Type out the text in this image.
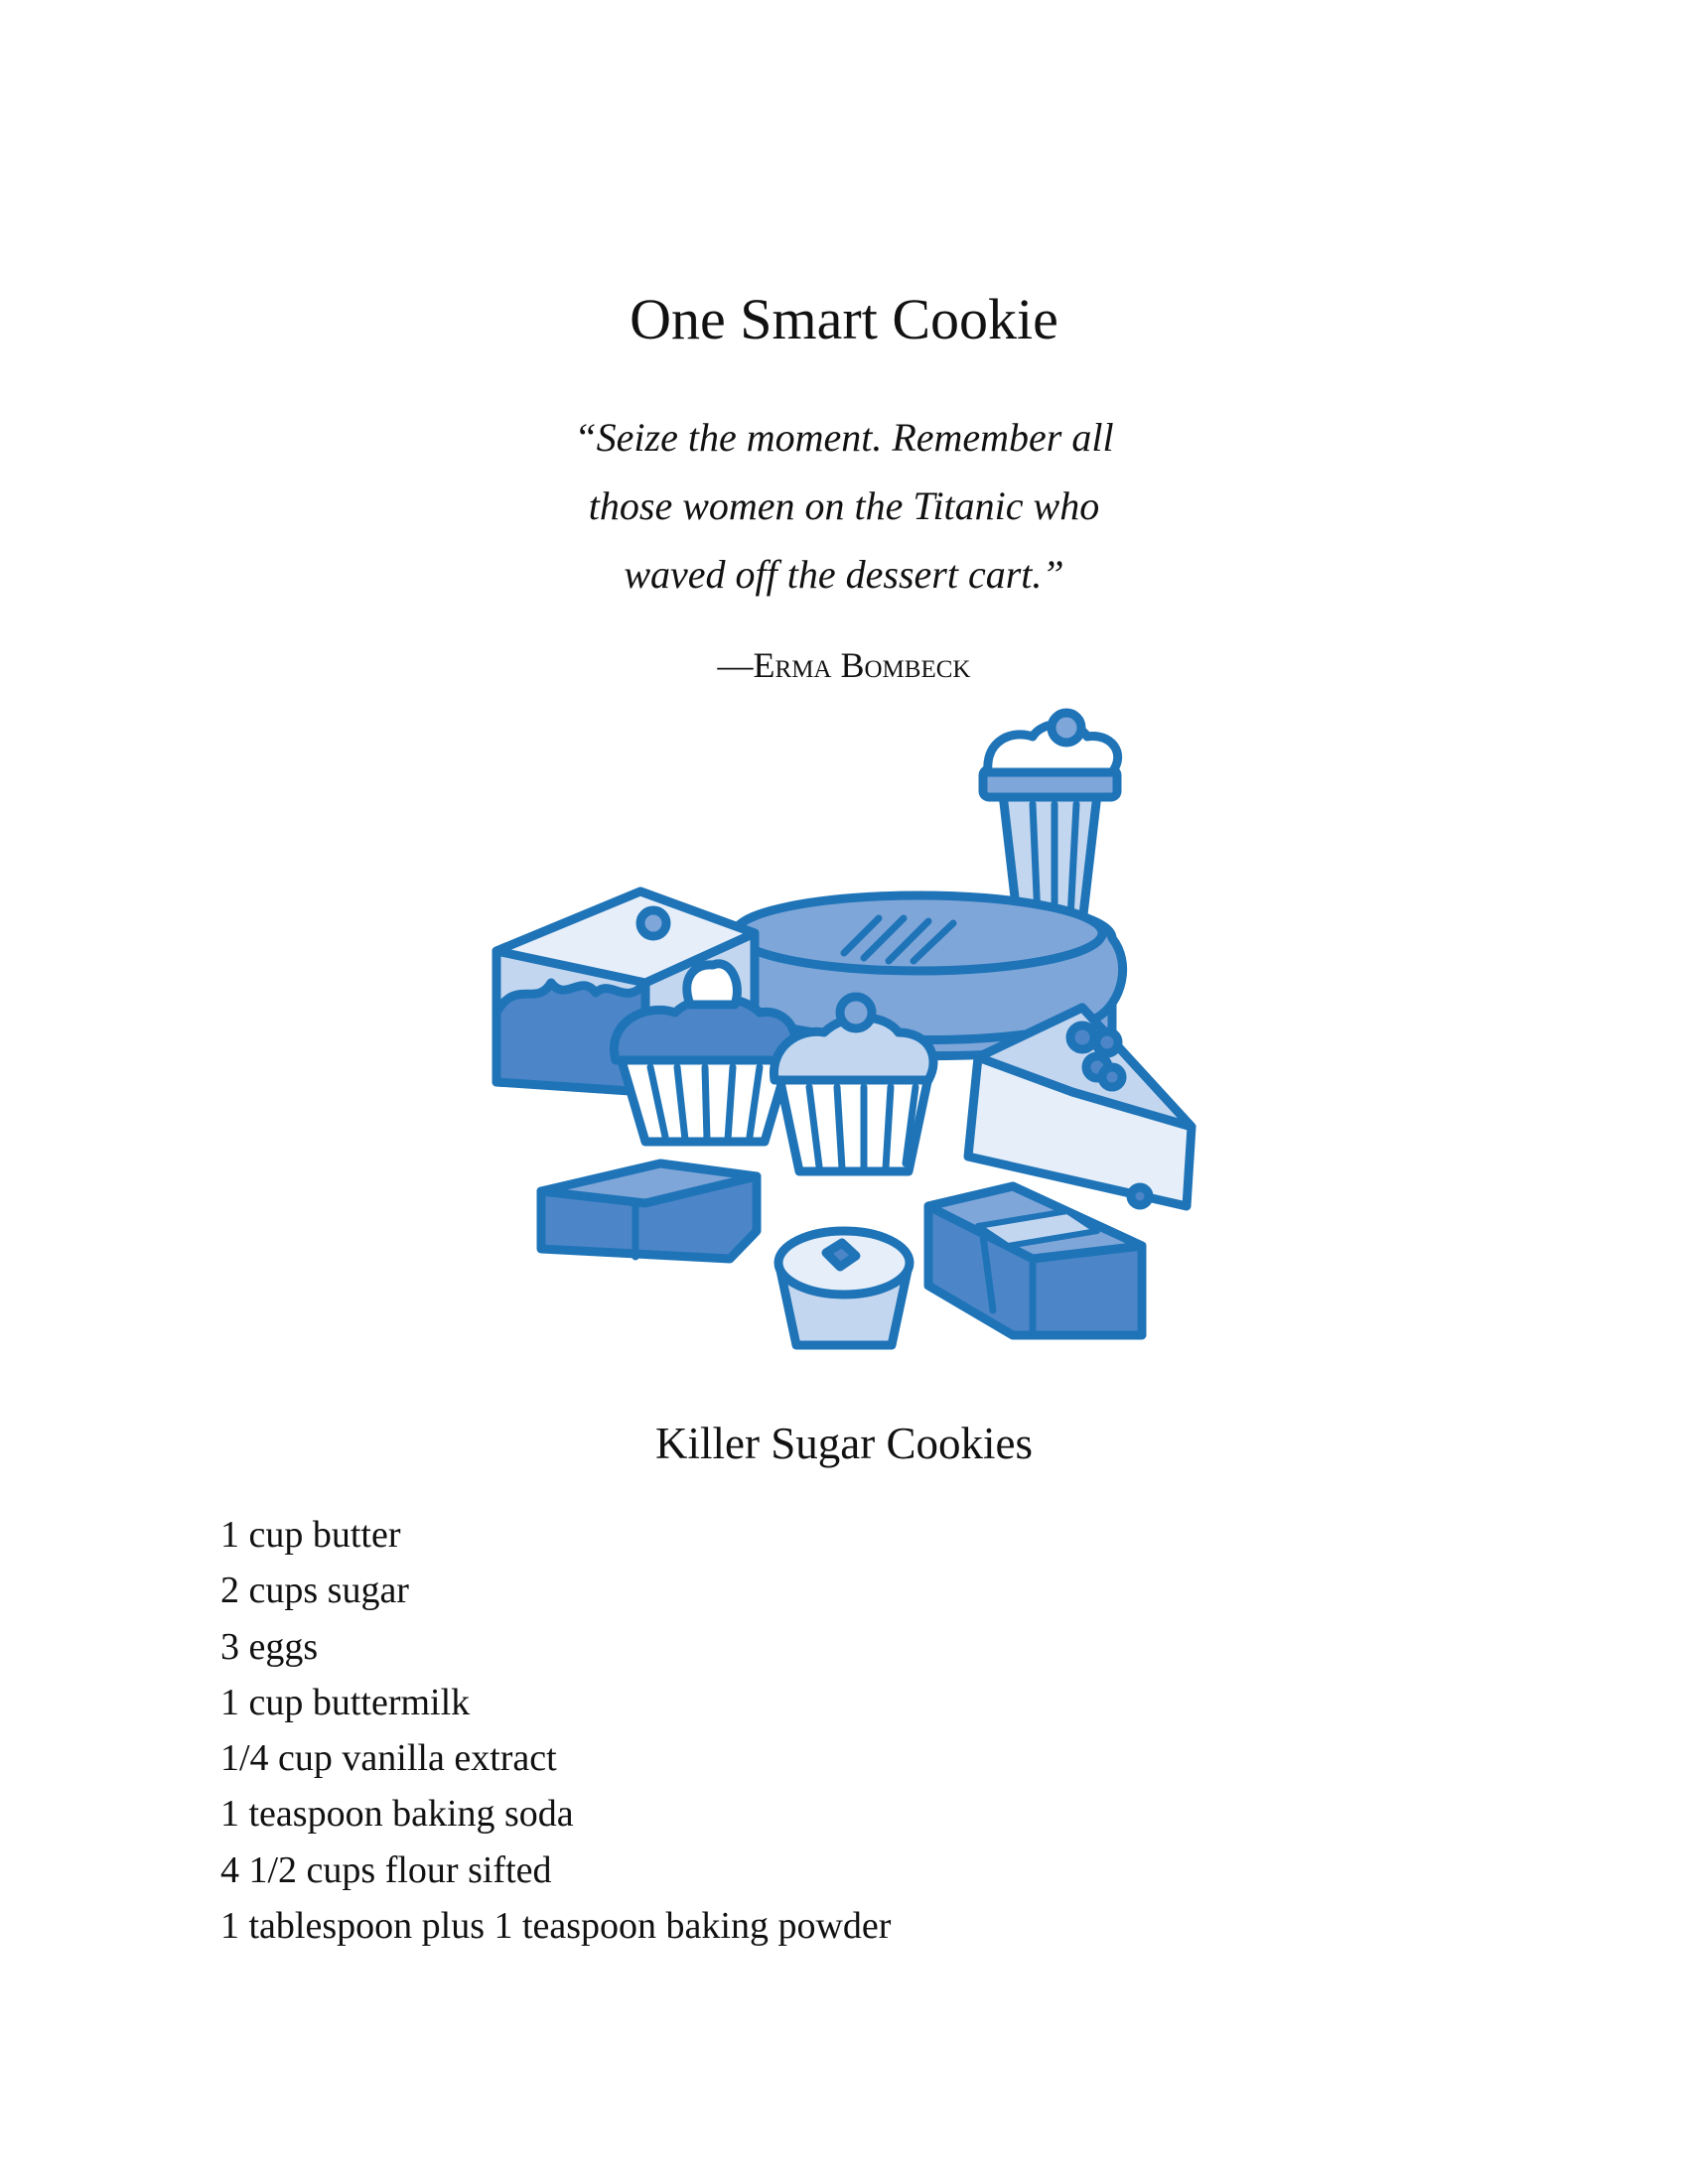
One Smart Cookie
“Seize the moment. Remember all
those women on the Titanic who
waved off the dessert cart.”
—Erma Bombeck
Killer Sugar Cookies
1 cup butter
2 cups sugar
3 eggs
1 cup buttermilk
1/4 cup vanilla extract
1 teaspoon baking soda
4 1/2 cups flour sifted
1 tablespoon plus 1 teaspoon baking powder
